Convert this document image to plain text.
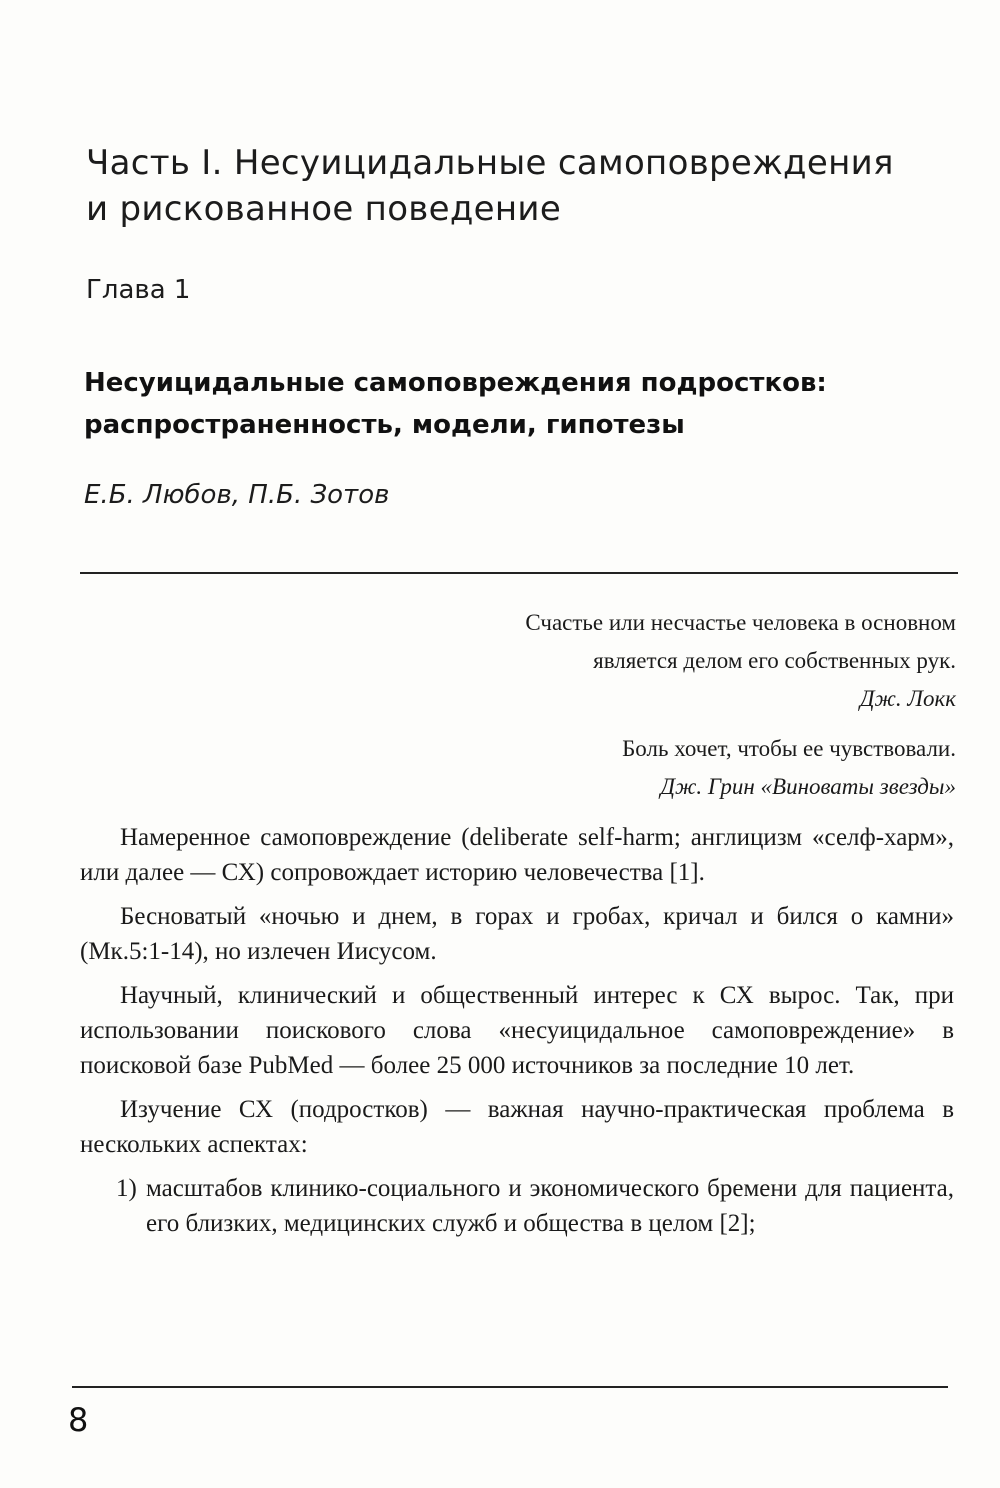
Часть I. Несуицидальные самоповреждения
и рискованное поведение
Глава 1
Несуицидальные самоповреждения подростков:
распространенность, модели, гипотезы
Е.Б. Любов, П.Б. Зотов
Счастье или несчастье человека в основном
является делом его собственных рук.
Дж. Локк
Боль хочет, чтобы ее чувствовали.
Дж. Грин «Виноваты звезды»

Намеренное самоповреждение (deliberate self-harm; англицизм «селф-харм», или далее — СХ) сопровождает историю человечества [1].

Бесноватый «ночью и днем, в горах и гробах, кричал и бился о камни» (Мк.5:1-14), но излечен Иисусом.

Научный, клинический и общественный интерес к СХ вырос. Так, при использовании поискового слова «несуицидальное самоповреждение» в поисковой базе PubMed — более 25 000 источников за последние 10 лет.

Изучение СХ (подростков) — важная научно-практическая проблема в нескольких аспектах:

1) масштабов клинико-социального и экономического бремени для пациента, его близких, медицинских служб и общества в целом [2];
8
